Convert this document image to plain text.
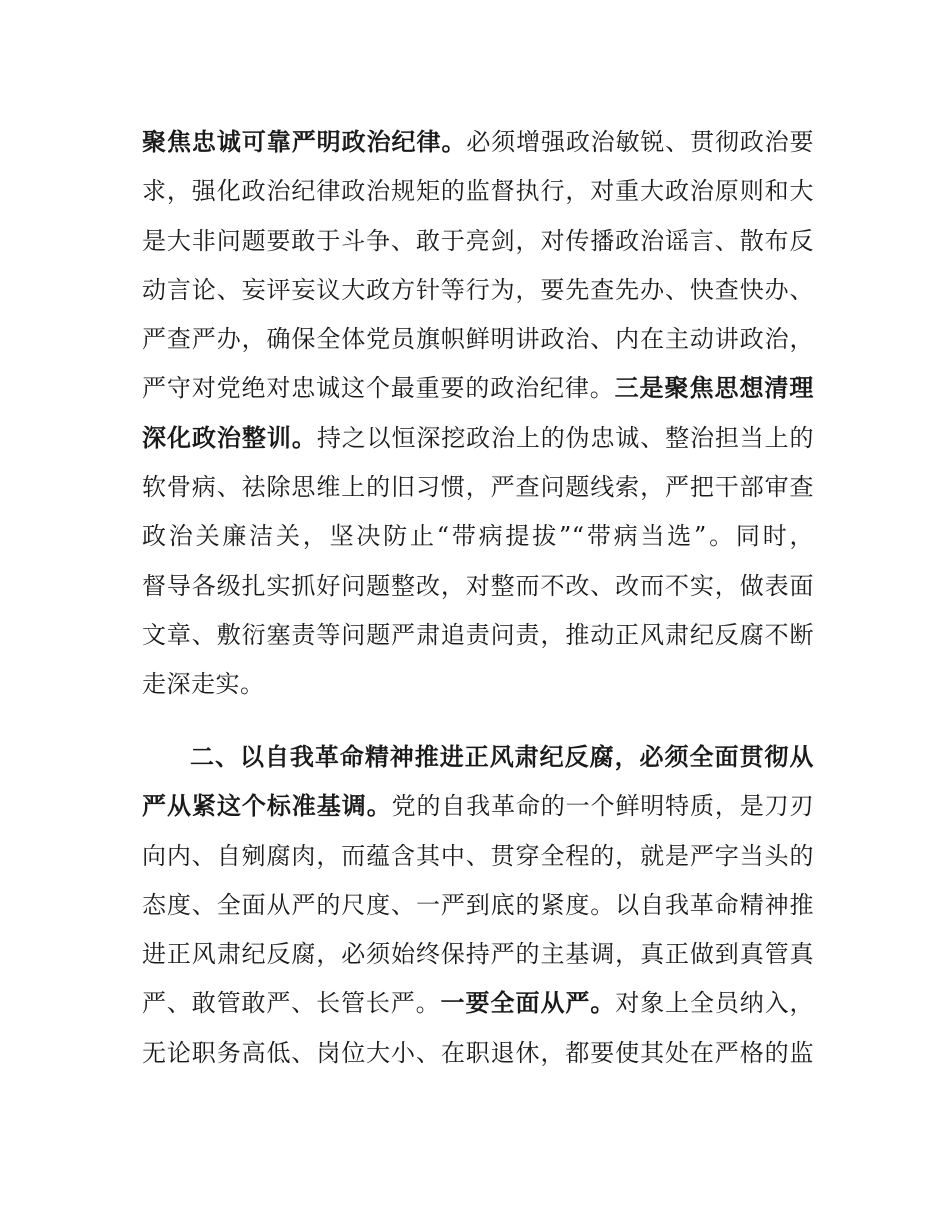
聚焦忠诚可靠严明政治纪律。必须增强政治敏锐、贯彻政治要
求，强化政治纪律政治规矩的监督执行，对重大政治原则和大
是大非问题要敢于斗争、敢于亮剑，对传播政治谣言、散布反
动言论、妄评妄议大政方针等行为，要先查先办、快查快办、
严查严办，确保全体党员旗帜鲜明讲政治、内在主动讲政治，
严守对党绝对忠诚这个最重要的政治纪律。三是聚焦思想清理
深化政治整训。持之以恒深挖政治上的伪忠诚、整治担当上的
软骨病、祛除思维上的旧习惯，严查问题线索，严把干部审查
政治关廉洁关，坚决防止“带病提拔”“带病当选”。同时，
督导各级扎实抓好问题整改，对整而不改、改而不实，做表面
文章、敷衍塞责等问题严肃追责问责，推动正风肃纪反腐不断
走深走实。
二、以自我革命精神推进正风肃纪反腐，必须全面贯彻从
严从紧这个标准基调。党的自我革命的一个鲜明特质，是刀刃
向内、自剜腐肉，而蕴含其中、贯穿全程的，就是严字当头的
态度、全面从严的尺度、一严到底的紧度。以自我革命精神推
进正风肃纪反腐，必须始终保持严的主基调，真正做到真管真
严、敢管敢严、长管长严。一要全面从严。对象上全员纳入，
无论职务高低、岗位大小、在职退休，都要使其处在严格的监
